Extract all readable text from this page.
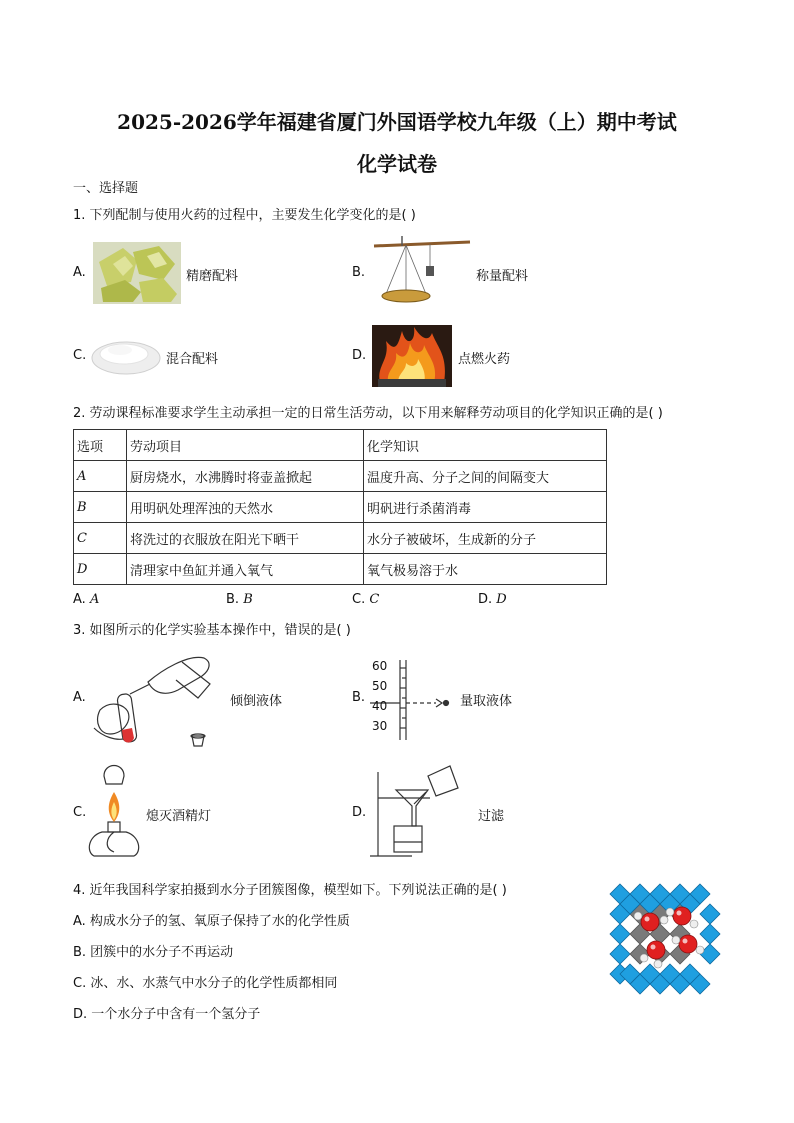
2025-2026学年福建省厦门外国语学校九年级（上）期中考试
化学试卷
一、选择题
1. 下列配制与使用火药的过程中，主要发生化学变化的是( )
A.	精磨配料	B.	称量配料
C.	混合配料	D.	点燃火药
2. 劳动课程标准要求学生主动承担一定的日常生活劳动，以下用来解释劳动项目的化学知识正确的是( )
选项	劳动项目	化学知识
A	厨房烧水，水沸腾时将壶盖掀起	温度升高、分子之间的间隔变大
B	用明矾处理浑浊的天然水	明矾进行杀菌消毒
C	将洗过的衣服放在阳光下晒干	水分子被破坏，生成新的分子
D	清理家中鱼缸并通入氧气	氧气极易溶于水
A. A	B. B	C. C	D. D
3. 如图所示的化学实验基本操作中，错误的是( )
A.	倾倒液体	B.
60
50
40
30
量取液体
C.	熄灭酒精灯	D.	过滤
4. 近年我国科学家拍摄到水分子团簇图像，模型如下。下列说法正确的是( )
A. 构成水分子的氢、氧原子保持了水的化学性质
B. 团簇中的水分子不再运动
C. 冰、水、水蒸气中水分子的化学性质都相同
D. 一个水分子中含有一个氢分子
